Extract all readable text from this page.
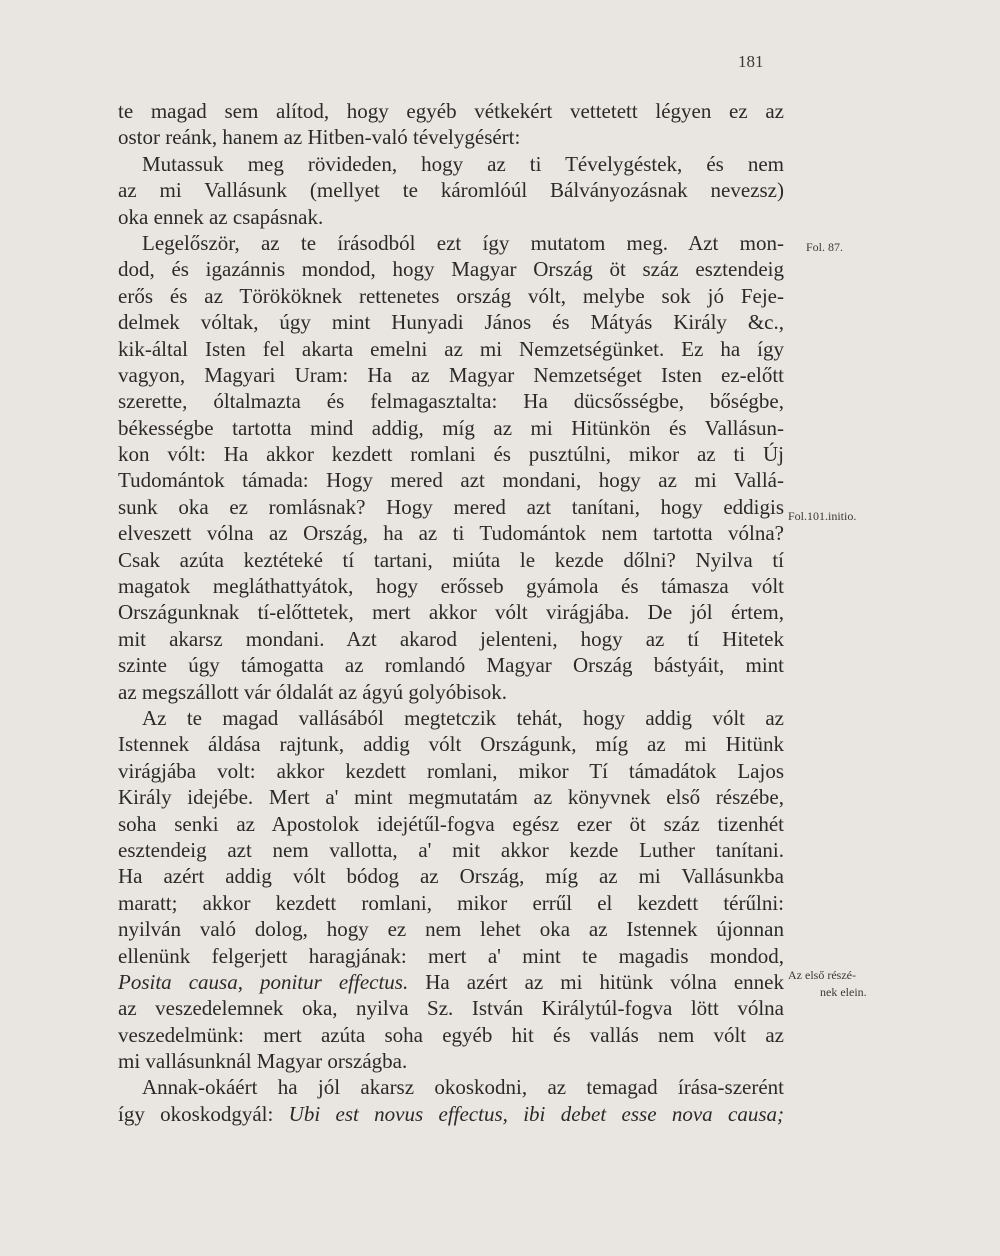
181
te magad sem alítod, hogy egyéb vétkekért vettetett légyen ez az
ostor reánk, hanem az Hitben-való tévelygésért:
Mutassuk meg rövideden, hogy az ti Tévelygéstek, és nem
az mi Vallásunk (mellyet te káromlóúl Bálványozásnak nevezsz)
oka ennek az csapásnak.
Legelőször, az te írásodból ezt így mutatom meg. Azt mon-
dod, és igazánnis mondod, hogy Magyar Ország öt száz esztendeig
erős és az Törököknek rettenetes ország vólt, melybe sok jó Feje-
delmek vóltak, úgy mint Hunyadi János és Mátyás Király &c.,
kik-által Isten fel akarta emelni az mi Nemzetségünket. Ez ha így
vagyon, Magyari Uram: Ha az Magyar Nemzetséget Isten ez-előtt
szerette, óltalmazta és felmagasztalta: Ha dücsősségbe, bőségbe,
békességbe tartotta mind addig, míg az mi Hitünkön és Vallásun-
kon vólt: Ha akkor kezdett romlani és pusztúlni, mikor az ti Új
Tudomántok támada: Hogy mered azt mondani, hogy az mi Vallá-
sunk oka ez romlásnak? Hogy mered azt tanítani, hogy eddigis
elveszett vólna az Ország, ha az ti Tudomántok nem tartotta vólna?
Csak azúta keztéteké tí tartani, miúta le kezde dőlni? Nyilva tí
magatok megláthattyátok, hogy erősseb gyámola és támasza vólt
Országunknak tí-előttetek, mert akkor vólt virágjába. De jól értem,
mit akarsz mondani. Azt akarod jelenteni, hogy az tí Hitetek
szinte úgy támogatta az romlandó Magyar Ország bástyáit, mint
az megszállott vár óldalát az ágyú golyóbisok.
Az te magad vallásából megtetczik tehát, hogy addig vólt az
Istennek áldása rajtunk, addig vólt Országunk, míg az mi Hitünk
virágjába volt: akkor kezdett romlani, mikor Tí támadátok Lajos
Király idejébe. Mert a' mint megmutatám az könyvnek első részébe,
soha senki az Apostolok idejétűl-fogva egész ezer öt száz tizenhét
esztendeig azt nem vallotta, a' mit akkor kezde Luther tanítani.
Ha azért addig vólt bódog az Ország, míg az mi Vallásunkba
maratt; akkor kezdett romlani, mikor errűl el kezdett térűlni:
nyilván való dolog, hogy ez nem lehet oka az Istennek újonnan
ellenünk felgerjett haragjának: mert a' mint te magadis mondod,
Posita causa, ponitur effectus. Ha azért az mi hitünk vólna ennek
az veszedelemnek oka, nyilva Sz. István Királytúl-fogva lött vólna
veszedelmünk: mert azúta soha egyéb hit és vallás nem vólt az
mi vallásunknál Magyar országba.
Annak-okáért ha jól akarsz okoskodni, az temagad írása-szerént
így okoskodgyál: Ubi est novus effectus, ibi debet esse nova causa;
Fol. 87.
Fol.101.initio.
Az első részé-
nek elein.
